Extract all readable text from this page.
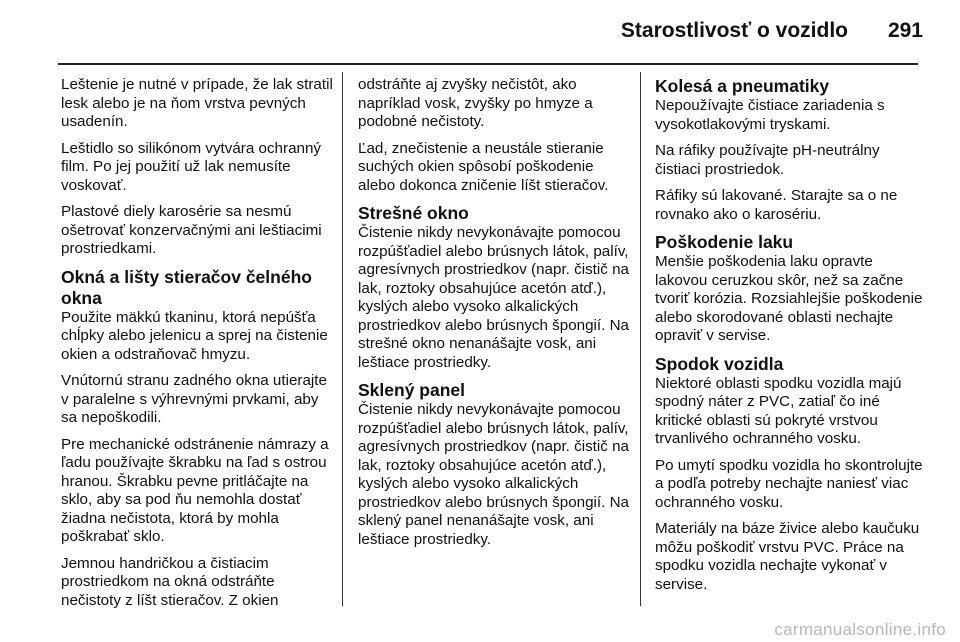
Starostlivosť o vozidlo 291

Leštenie je nutné v prípade, že lak stratil lesk alebo je na ňom vrstva pevných usadenín.

Leštidlo so silikónom vytvára ochranný film. Po jej použití už lak nemusíte voskovať.

Plastové diely karosérie sa nesmú ošetrovať konzervačnými ani leštiacimi prostriedkami.

Okná a lišty stieračov čelného okna

Použite mäkkú tkaninu, ktorá nepúšťa chĺpky alebo jelenicu a sprej na čistenie okien a odstraňovač hmyzu.

Vnútornú stranu zadného okna utierajte v paralelne s výhrevnými prvkami, aby sa nepoškodili.

Pre mechanické odstránenie námrazy a ľadu používajte škrabku na ľad s ostrou hranou. Škrabku pevne pritláčajte na sklo, aby sa pod ňu nemohla dostať žiadna nečistota, ktorá by mohla poškrabať sklo.

Jemnou handričkou a čistiacim prostriedkom na okná odstráňte nečistoty z líšt stieračov. Z okien

odstráňte aj zvyšky nečistôt, ako napríklad vosk, zvyšky po hmyze a podobné nečistoty.

Ľad, znečistenie a neustále stieranie suchých okien spôsobí poškodenie alebo dokonca zničenie líšt stieračov.

Strešné okno

Čistenie nikdy nevykonávajte pomocou rozpúšťadiel alebo brúsnych látok, palív, agresívnych prostriedkov (napr. čistič na lak, roztoky obsahujúce acetón atď.), kyslých alebo vysoko alkalických prostriedkov alebo brúsnych špongií. Na strešné okno nenanášajte vosk, ani leštiace prostriedky.

Sklený panel

Čistenie nikdy nevykonávajte pomocou rozpúšťadiel alebo brúsnych látok, palív, agresívnych prostriedkov (napr. čistič na lak, roztoky obsahujúce acetón atď.), kyslých alebo vysoko alkalických prostriedkov alebo brúsnych špongií. Na sklený panel nenanášajte vosk, ani leštiace prostriedky.

Kolesá a pneumatiky

Nepoužívajte čistiace zariadenia s vysokotlakovými tryskami.

Na ráfiky používajte pH-neutrálny čistiaci prostriedok.

Ráfiky sú lakované. Starajte sa o ne rovnako ako o karosériu.

Poškodenie laku

Menšie poškodenia laku opravte lakovou ceruzkou skôr, než sa začne tvoriť korózia. Rozsiahlejšie poškodenie alebo skorodované oblasti nechajte opraviť v servise.

Spodok vozidla

Niektoré oblasti spodku vozidla majú spodný náter z PVC, zatiaľ čo iné kritické oblasti sú pokryté vrstvou trvanlivého ochranného vosku.

Po umytí spodku vozidla ho skontrolujte a podľa potreby nechajte naniesť viac ochranného vosku.

Materiály na báze živice alebo kaučuku môžu poškodiť vrstvu PVC. Práce na spodku vozidla nechajte vykonať v servise.

carmanualsonline.info
